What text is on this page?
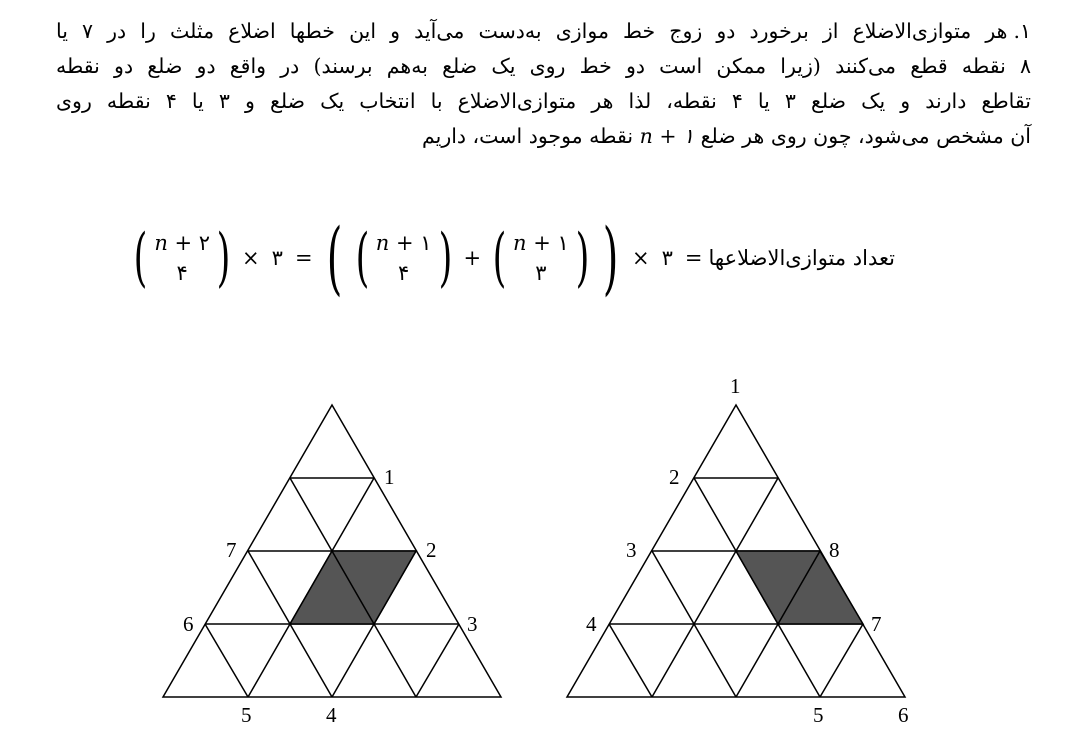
۱.هر متوازی‌الاضلاع از برخورد دو زوج خط موازی به‌دست می‌آید و این خطها اضلاع مثلث را در ۷ یا
۸ نقطه قطع می‌کنند (زیرا ممکن است دو خط روی یک ضلع به‌هم برسند) در واقع دو ضلع دو نقطه
تقاطع دارند و یک ضلع ۳ یا ۴ نقطه، لذا هر متوازی‌الاضلاع با انتخاب یک ضلع و ۳ یا ۴ نقطه روی
آن مشخص می‌شود، چون روی هر ضلع n + ۱ نقطه موجود است، داریم
تعداد متوازی‌الاضلاعها
=
۳
×
( ( n + ۱
۴ ) + ( n + ۱
۳ ) )
=
۳
×
( n + ۲
۴ )
1
2
3
4
5
6
7
1
2
3
4
5	6
7
8
